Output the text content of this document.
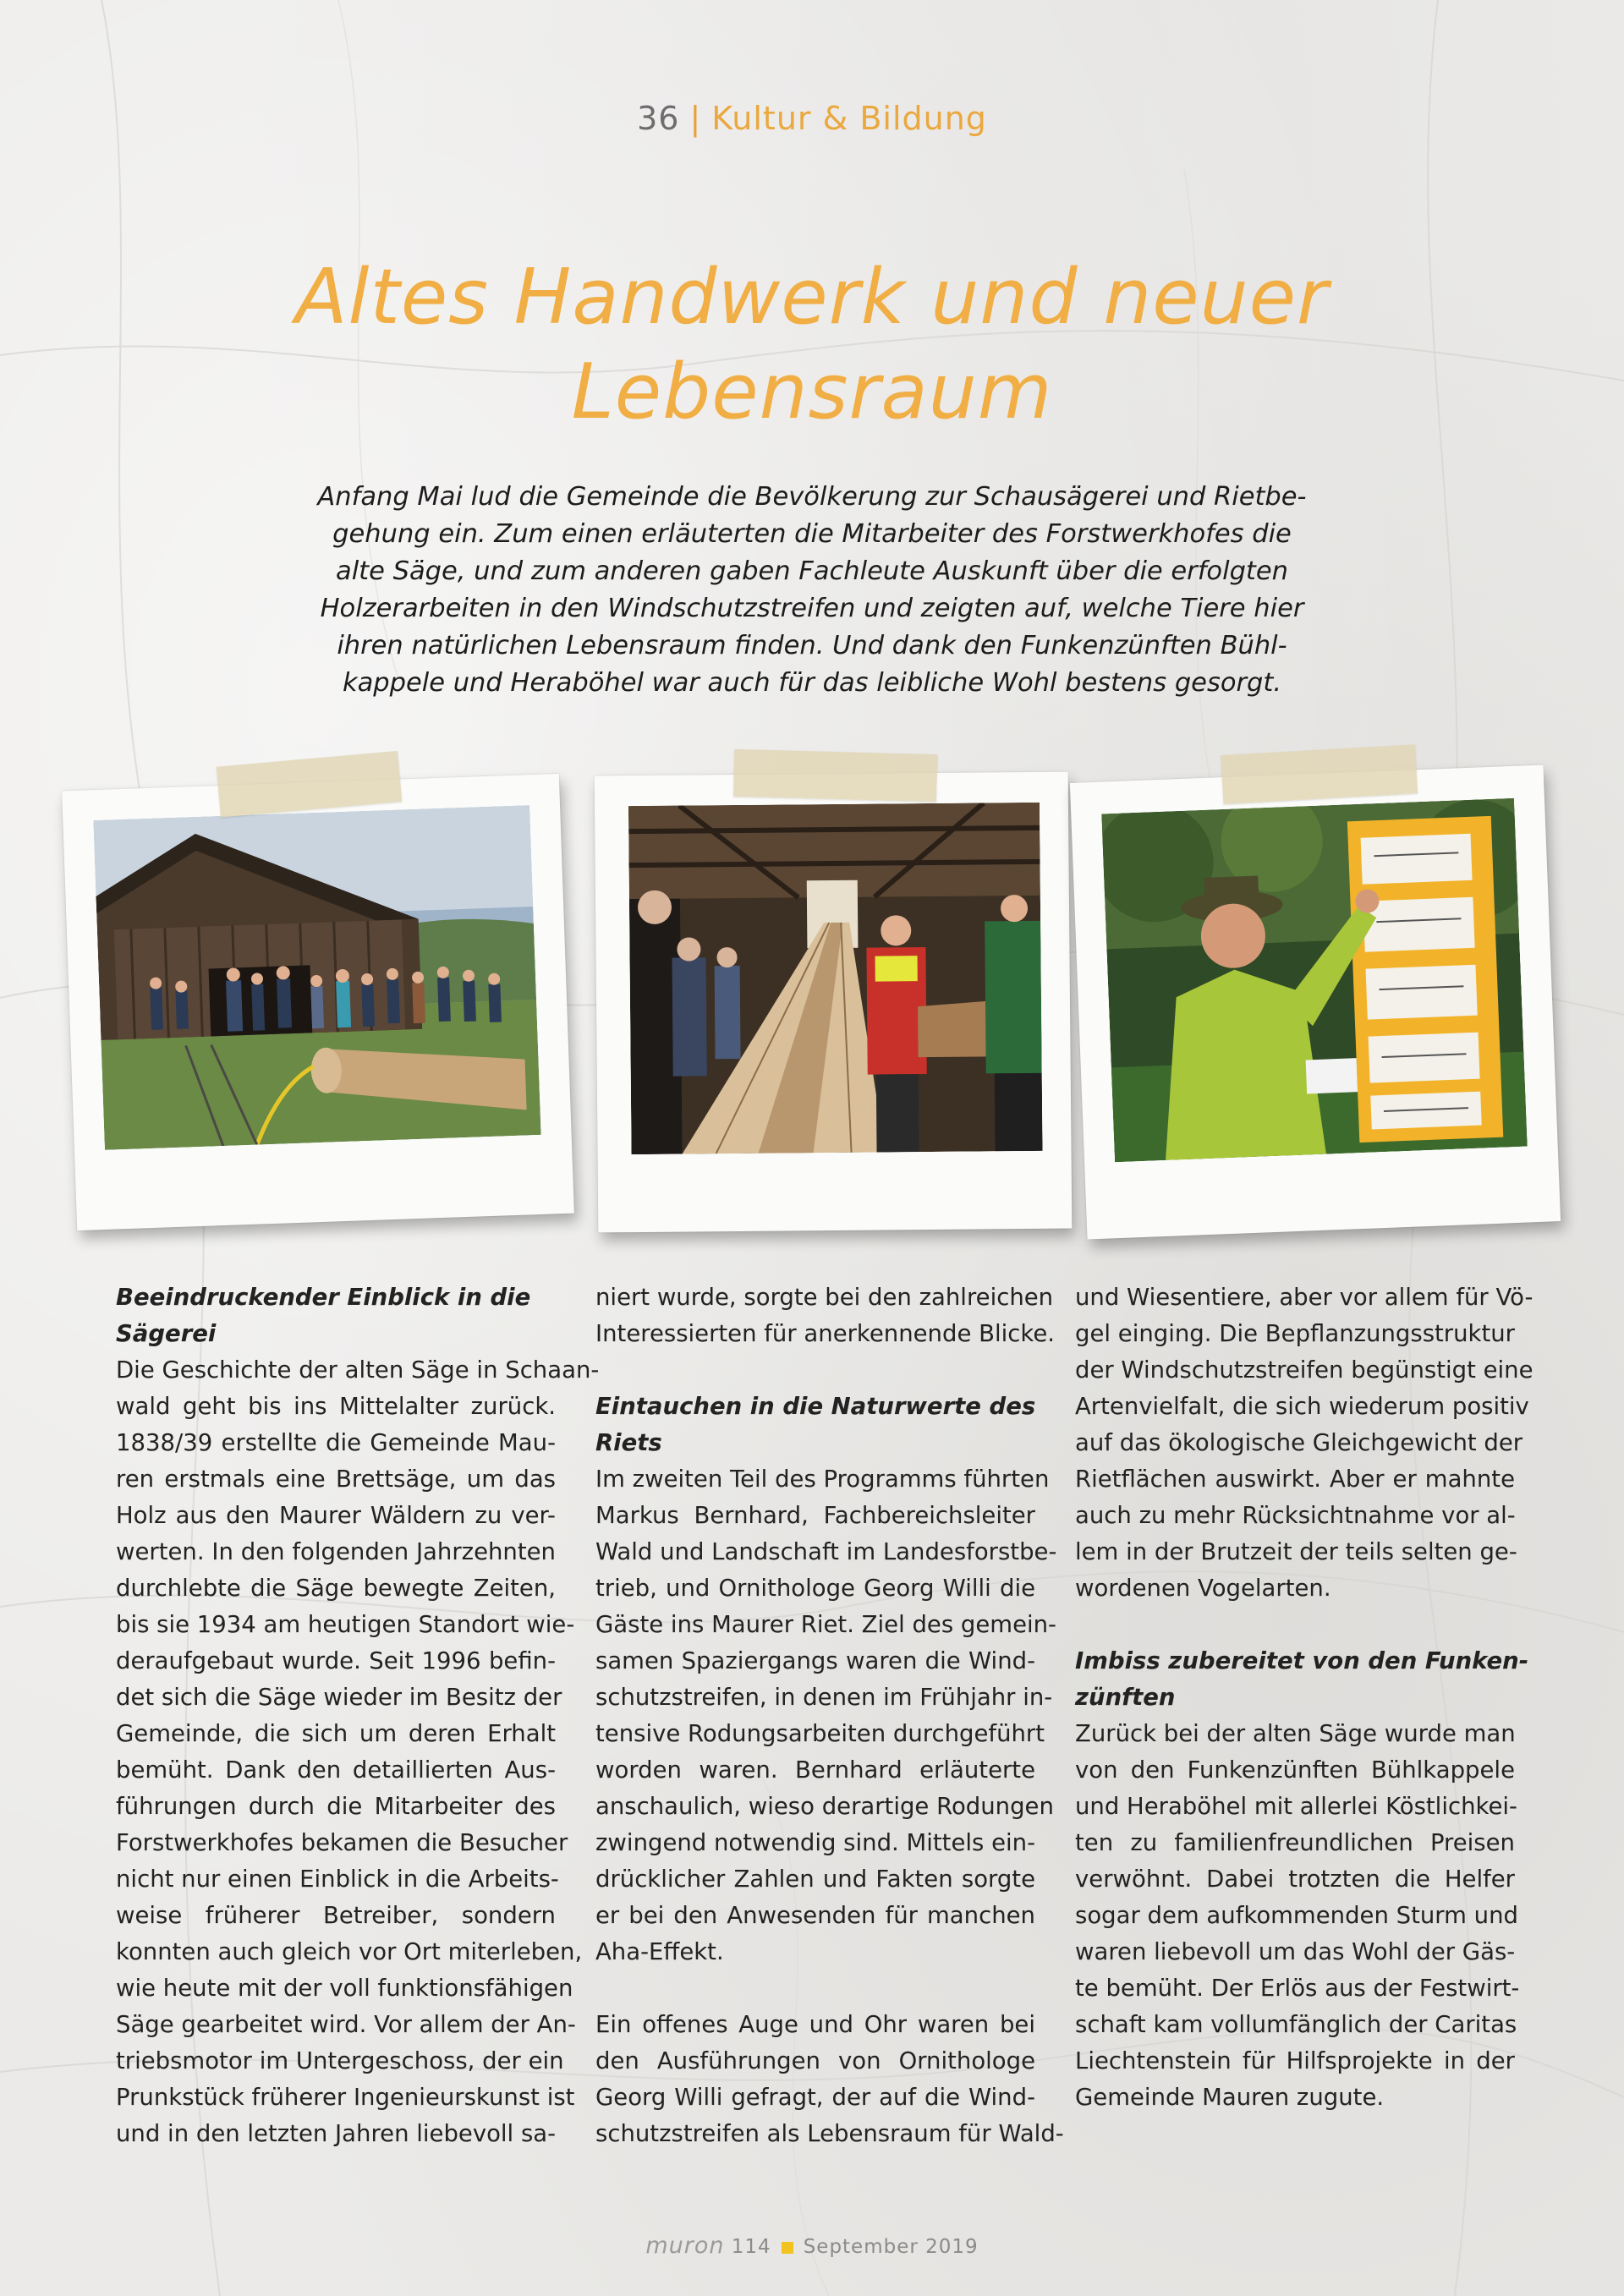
36 | Kultur & Bildung
Altes Handwerk und neuer
Lebensraum
Anfang Mai lud die Gemeinde die Bevölkerung zur Schausägerei und Rietbe-
gehung ein. Zum einen erläuterten die Mitarbeiter des Forstwerkhofes die
alte Säge, und zum anderen gaben Fachleute Auskunft über die erfolgten
Holzerarbeiten in den Windschutzstreifen und zeigten auf, welche Tiere hier
ihren natürlichen Lebensraum finden. Und dank den Funkenzünften Bühl-
kappele und Heraböhel war auch für das leibliche Wohl bestens gesorgt.
Beeindruckender Einblick in die
Sägerei
Die Geschichte der alten Säge in Schaan-
wald geht bis ins Mittelalter zurück.
1838/39 erstellte die Gemeinde Mau-
ren erstmals eine Brettsäge, um das
Holz aus den Maurer Wäldern zu ver-
werten. In den folgenden Jahrzehnten
durchlebte die Säge bewegte Zeiten,
bis sie 1934 am heutigen Standort wie-
deraufgebaut wurde. Seit 1996 befin-
det sich die Säge wieder im Besitz der
Gemeinde, die sich um deren Erhalt
bemüht. Dank den detaillierten Aus-
führungen durch die Mitarbeiter des
Forstwerkhofes bekamen die Besucher
nicht nur einen Einblick in die Arbeits-
weise früherer Betreiber, sondern
konnten auch gleich vor Ort miterleben,
wie heute mit der voll funktionsfähigen
Säge gearbeitet wird. Vor allem der An-
triebsmotor im Untergeschoss, der ein
Prunkstück früherer Ingenieurskunst ist
und in den letzten Jahren liebevoll sa-
niert wurde, sorgte bei den zahlreichen
Interessierten für anerkennende Blicke.
Eintauchen in die Naturwerte des
Riets
Im zweiten Teil des Programms führten
Markus Bernhard, Fachbereichsleiter
Wald und Landschaft im Landesforstbe-
trieb, und Ornithologe Georg Willi die
Gäste ins Maurer Riet. Ziel des gemein-
samen Spaziergangs waren die Wind-
schutzstreifen, in denen im Frühjahr in-
tensive Rodungsarbeiten durchgeführt
worden waren. Bernhard erläuterte
anschaulich, wieso derartige Rodungen
zwingend notwendig sind. Mittels ein-
drücklicher Zahlen und Fakten sorgte
er bei den Anwesenden für manchen
Aha-Effekt.
Ein offenes Auge und Ohr waren bei
den Ausführungen von Ornithologe
Georg Willi gefragt, der auf die Wind-
schutzstreifen als Lebensraum für Wald-
und Wiesentiere, aber vor allem für Vö-
gel einging. Die Bepflanzungsstruktur
der Windschutzstreifen begünstigt eine
Artenvielfalt, die sich wiederum positiv
auf das ökologische Gleichgewicht der
Rietflächen auswirkt. Aber er mahnte
auch zu mehr Rücksichtnahme vor al-
lem in der Brutzeit der teils selten ge-
wordenen Vogelarten.
Imbiss zubereitet von den Funken-
zünften
Zurück bei der alten Säge wurde man
von den Funkenzünften Bühlkappele
und Heraböhel mit allerlei Köstlichkei-
ten zu familienfreundlichen Preisen
verwöhnt. Dabei trotzten die Helfer
sogar dem aufkommenden Sturm und
waren liebevoll um das Wohl der Gäs-
te bemüht. Der Erlös aus der Festwirt-
schaft kam vollumfänglich der Caritas
Liechtenstein für Hilfsprojekte in der
Gemeinde Mauren zugute.
muron 114 September 2019
